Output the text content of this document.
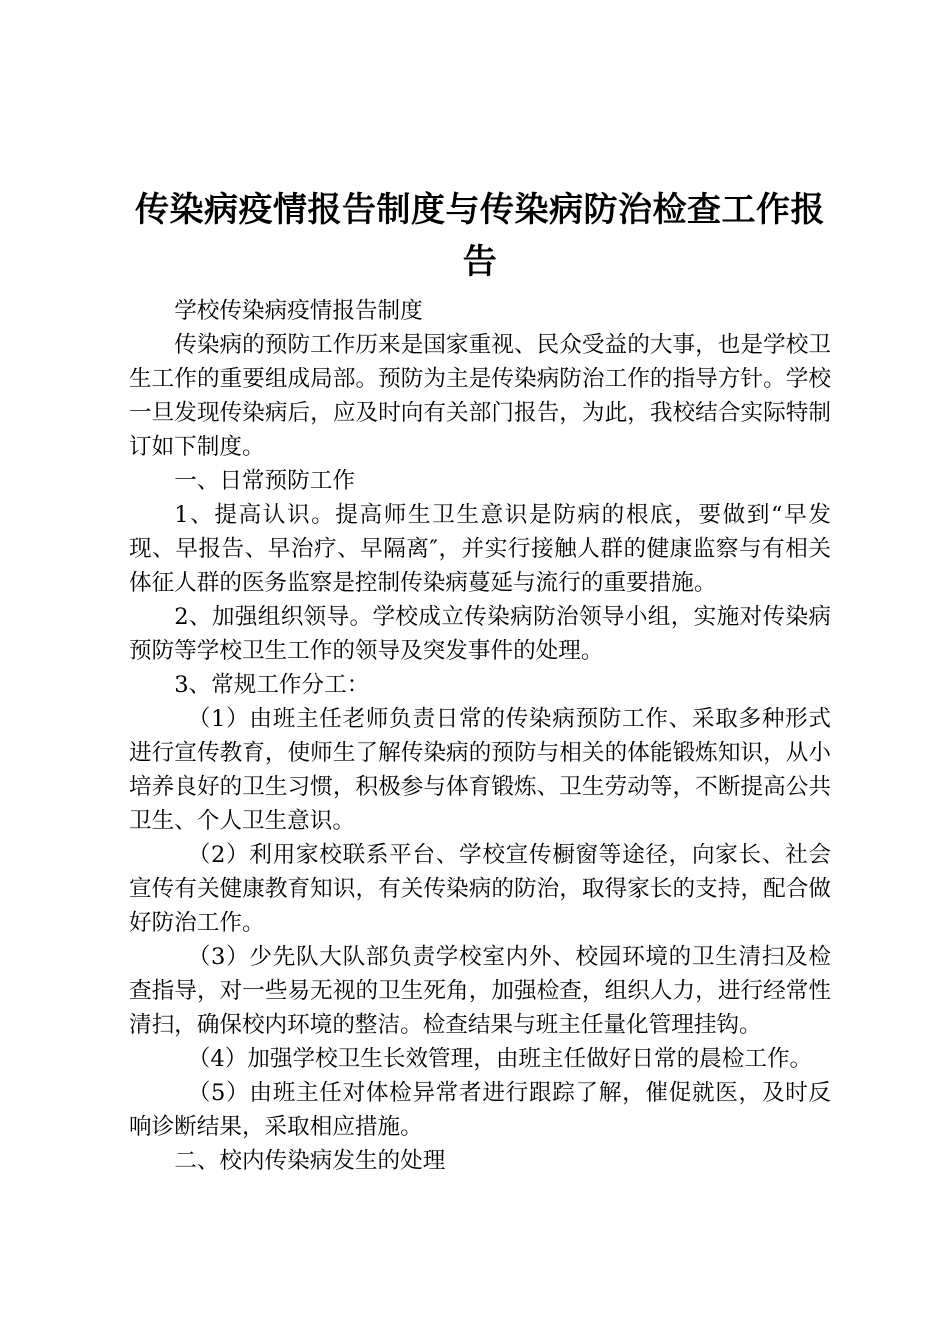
传染病疫情报告制度与传染病防治检查工作报告

学校传染病疫情报告制度

传染病的预防工作历来是国家重视、民众受益的大事，也是学校卫生工作的重要组成局部。预防为主是传染病防治工作的指导方针。学校一旦发现传染病后，应及时向有关部门报告，为此，我校结合实际特制订如下制度。

一、日常预防工作

1、提高认识。提高师生卫生意识是防病的根底，要做到“早发现、早报告、早治疗、早隔离″，并实行接触人群的健康监察与有相关体征人群的医务监察是控制传染病蔓延与流行的重要措施。

2、加强组织领导。学校成立传染病防治领导小组，实施对传染病预防等学校卫生工作的领导及突发事件的处理。

3、常规工作分工：

（1）由班主任老师负责日常的传染病预防工作、采取多种形式进行宣传教育，使师生了解传染病的预防与相关的体能锻炼知识，从小培养良好的卫生习惯，积极参与体育锻炼、卫生劳动等，不断提高公共卫生、个人卫生意识。

（2）利用家校联系平台、学校宣传橱窗等途径，向家长、社会宣传有关健康教育知识，有关传染病的防治，取得家长的支持，配合做好防治工作。

（3）少先队大队部负责学校室内外、校园环境的卫生清扫及检查指导，对一些易无视的卫生死角，加强检查，组织人力，进行经常性清扫，确保校内环境的整洁。检查结果与班主任量化管理挂钩。

（4）加强学校卫生长效管理，由班主任做好日常的晨检工作。

（5）由班主任对体检异常者进行跟踪了解，催促就医，及时反响诊断结果，采取相应措施。

二、校内传染病发生的处理
